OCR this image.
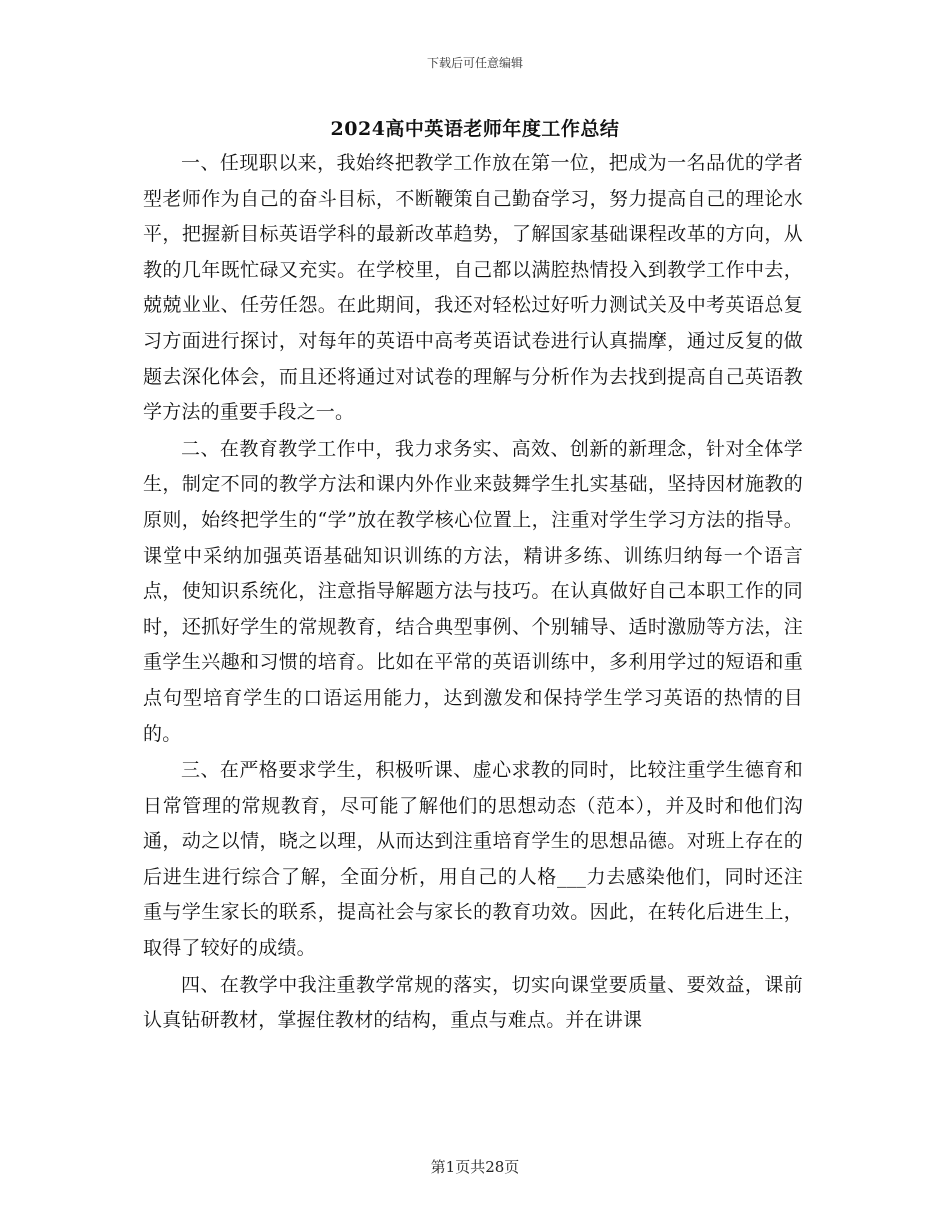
下载后可任意编辑
2024高中英语老师年度工作总结

一、任现职以来，我始终把教学工作放在第一位，把成为一名品优的学者型老师作为自己的奋斗目标，不断鞭策自己勤奋学习，努力提高自己的理论水平，把握新目标英语学科的最新改革趋势，了解国家基础课程改革的方向，从教的几年既忙碌又充实。在学校里，自己都以满腔热情投入到教学工作中去，兢兢业业、任劳任怨。在此期间，我还对轻松过好听力测试关及中考英语总复习方面进行探讨，对每年的英语中高考英语试卷进行认真揣摩，通过反复的做题去深化体会，而且还将通过对试卷的理解与分析作为去找到提高自己英语教学方法的重要手段之一。

二、在教育教学工作中，我力求务实、高效、创新的新理念，针对全体学生，制定不同的教学方法和课内外作业来鼓舞学生扎实基础，坚持因材施教的原则，始终把学生的“学”放在教学核心位置上，注重对学生学习方法的指导。课堂中采纳加强英语基础知识训练的方法，精讲多练、训练归纳每一个语言点，使知识系统化，注意指导解题方法与技巧。在认真做好自己本职工作的同时，还抓好学生的常规教育，结合典型事例、个别辅导、适时激励等方法，注重学生兴趣和习惯的培育。比如在平常的英语训练中，多利用学过的短语和重点句型培育学生的口语运用能力，达到激发和保持学生学习英语的热情的目的。

三、在严格要求学生，积极听课、虚心求教的同时，比较注重学生德育和日常管理的常规教育，尽可能了解他们的思想动态（范本），并及时和他们沟通，动之以情，晓之以理，从而达到注重培育学生的思想品德。对班上存在的后进生进行综合了解，全面分析，用自己的人格___力去感染他们，同时还注重与学生家长的联系，提高社会与家长的教育功效。因此，在转化后进生上，取得了较好的成绩。

四、在教学中我注重教学常规的落实，切实向课堂要质量、要效益，课前认真钻研教材，掌握住教材的结构，重点与难点。并在讲课

第1页共28页
